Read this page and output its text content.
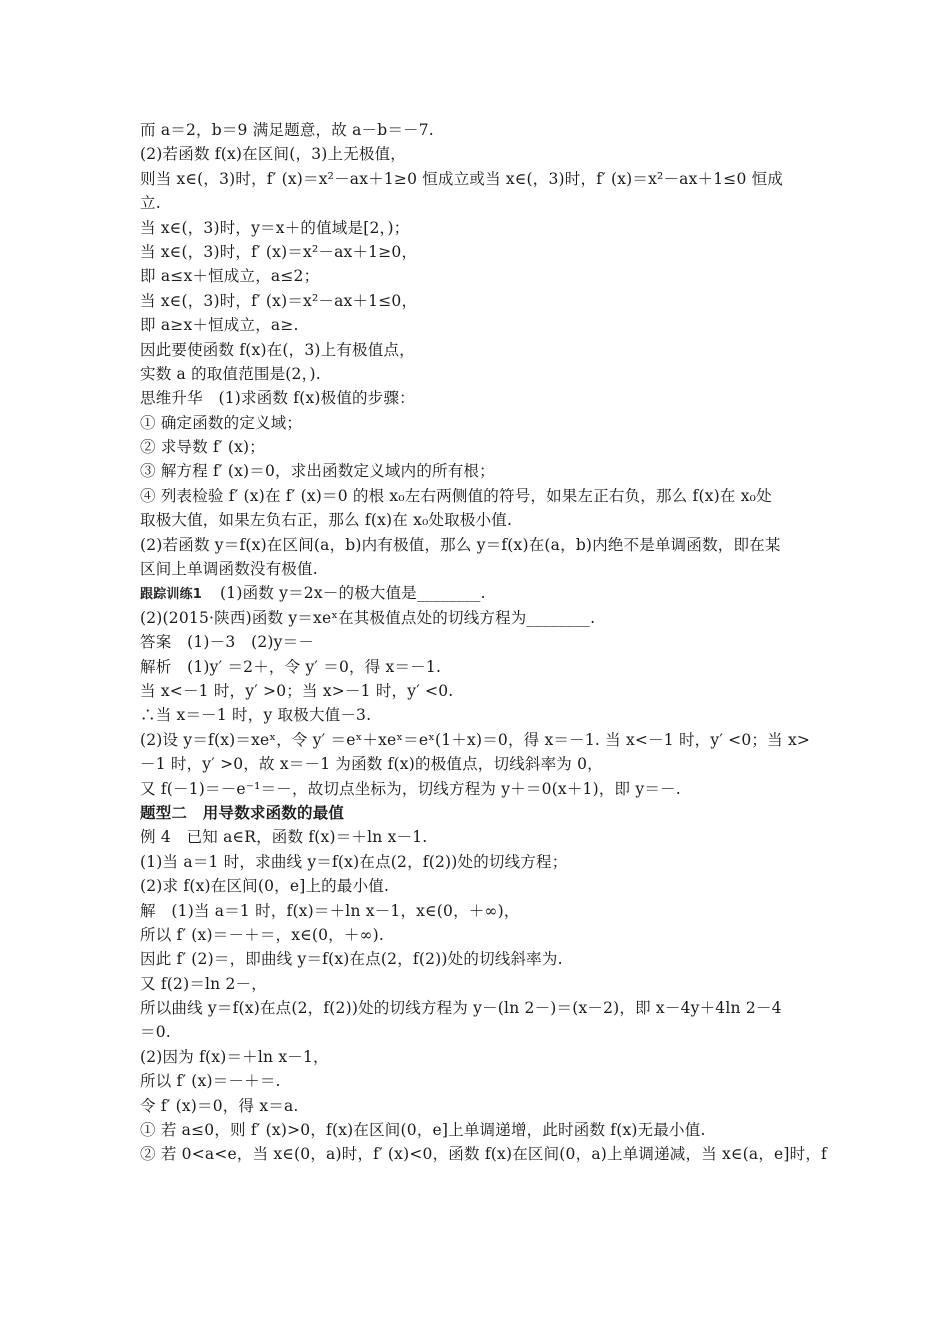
而 a＝2，b＝9 满足题意，故 a－b＝－7.
(2)若函数 f(x)在区间(，3)上无极值，
则当 x∈(，3)时，f′ (x)＝x²－ax＋1≥0 恒成立或当 x∈(，3)时，f′ (x)＝x²－ax＋1≤0 恒成
立.
当 x∈(，3)时，y＝x＋的值域是[2，)；
当 x∈(，3)时，f′ (x)＝x²－ax＋1≥0，
即 a≤x＋恒成立，a≤2；
当 x∈(，3)时，f′ (x)＝x²－ax＋1≤0，
即 a≥x＋恒成立，a≥.
因此要使函数 f(x)在(，3)上有极值点，
实数 a 的取值范围是(2，).
思维升华　(1)求函数 f(x)极值的步骤：
① 确定函数的定义域；
② 求导数 f′ (x)；
③ 解方程 f′ (x)＝0，求出函数定义域内的所有根；
④ 列表检验 f′ (x)在 f′ (x)＝0 的根 x₀左右两侧值的符号，如果左正右负，那么 f(x)在 x₀处
取极大值，如果左负右正，那么 f(x)在 x₀处取极小值.
(2)若函数 y＝f(x)在区间(a，b)内有极值，那么 y＝f(x)在(a，b)内绝不是单调函数，即在某
区间上单调函数没有极值.
跟踪训练1 (1)函数 y＝2x－的极大值是________.
(2)(2015·陕西)函数 y＝xeˣ在其极值点处的切线方程为________.
答案　(1)－3　(2)y＝－
解析　(1)y′ ＝2＋，令 y′ ＝0，得 x＝－1.
当 x<－1 时，y′ >0；当 x>－1 时，y′ <0.
∴当 x＝－1 时，y 取极大值－3.
(2)设 y＝f(x)＝xeˣ，令 y′ ＝eˣ＋xeˣ＝eˣ(1＋x)＝0，得 x＝－1. 当 x<－1 时，y′ <0；当 x>
－1 时，y′ >0，故 x＝－1 为函数 f(x)的极值点，切线斜率为 0，
又 f(－1)＝－e⁻¹＝－，故切点坐标为，切线方程为 y＋＝0(x＋1)，即 y＝－.
题型二　用导数求函数的最值
例 4　已知 a∈R，函数 f(x)＝＋ln x－1.
(1)当 a＝1 时，求曲线 y＝f(x)在点(2，f(2))处的切线方程；
(2)求 f(x)在区间(0，e]上的最小值.
解　(1)当 a＝1 时，f(x)＝＋ln x－1，x∈(0，＋∞)，
所以 f′ (x)＝－＋＝，x∈(0，＋∞).
因此 f′ (2)＝，即曲线 y＝f(x)在点(2，f(2))处的切线斜率为.
又 f(2)＝ln 2－，
所以曲线 y＝f(x)在点(2，f(2))处的切线方程为 y－(ln 2－)＝(x－2)，即 x－4y＋4ln 2－4
＝0.
(2)因为 f(x)＝＋ln x－1，
所以 f′ (x)＝－＋＝.
令 f′ (x)＝0，得 x＝a.
① 若 a≤0，则 f′ (x)>0，f(x)在区间(0，e]上单调递增，此时函数 f(x)无最小值.
② 若 0<a<e，当 x∈(0，a)时，f′ (x)<0，函数 f(x)在区间(0，a)上单调递减，当 x∈(a，e]时，f
